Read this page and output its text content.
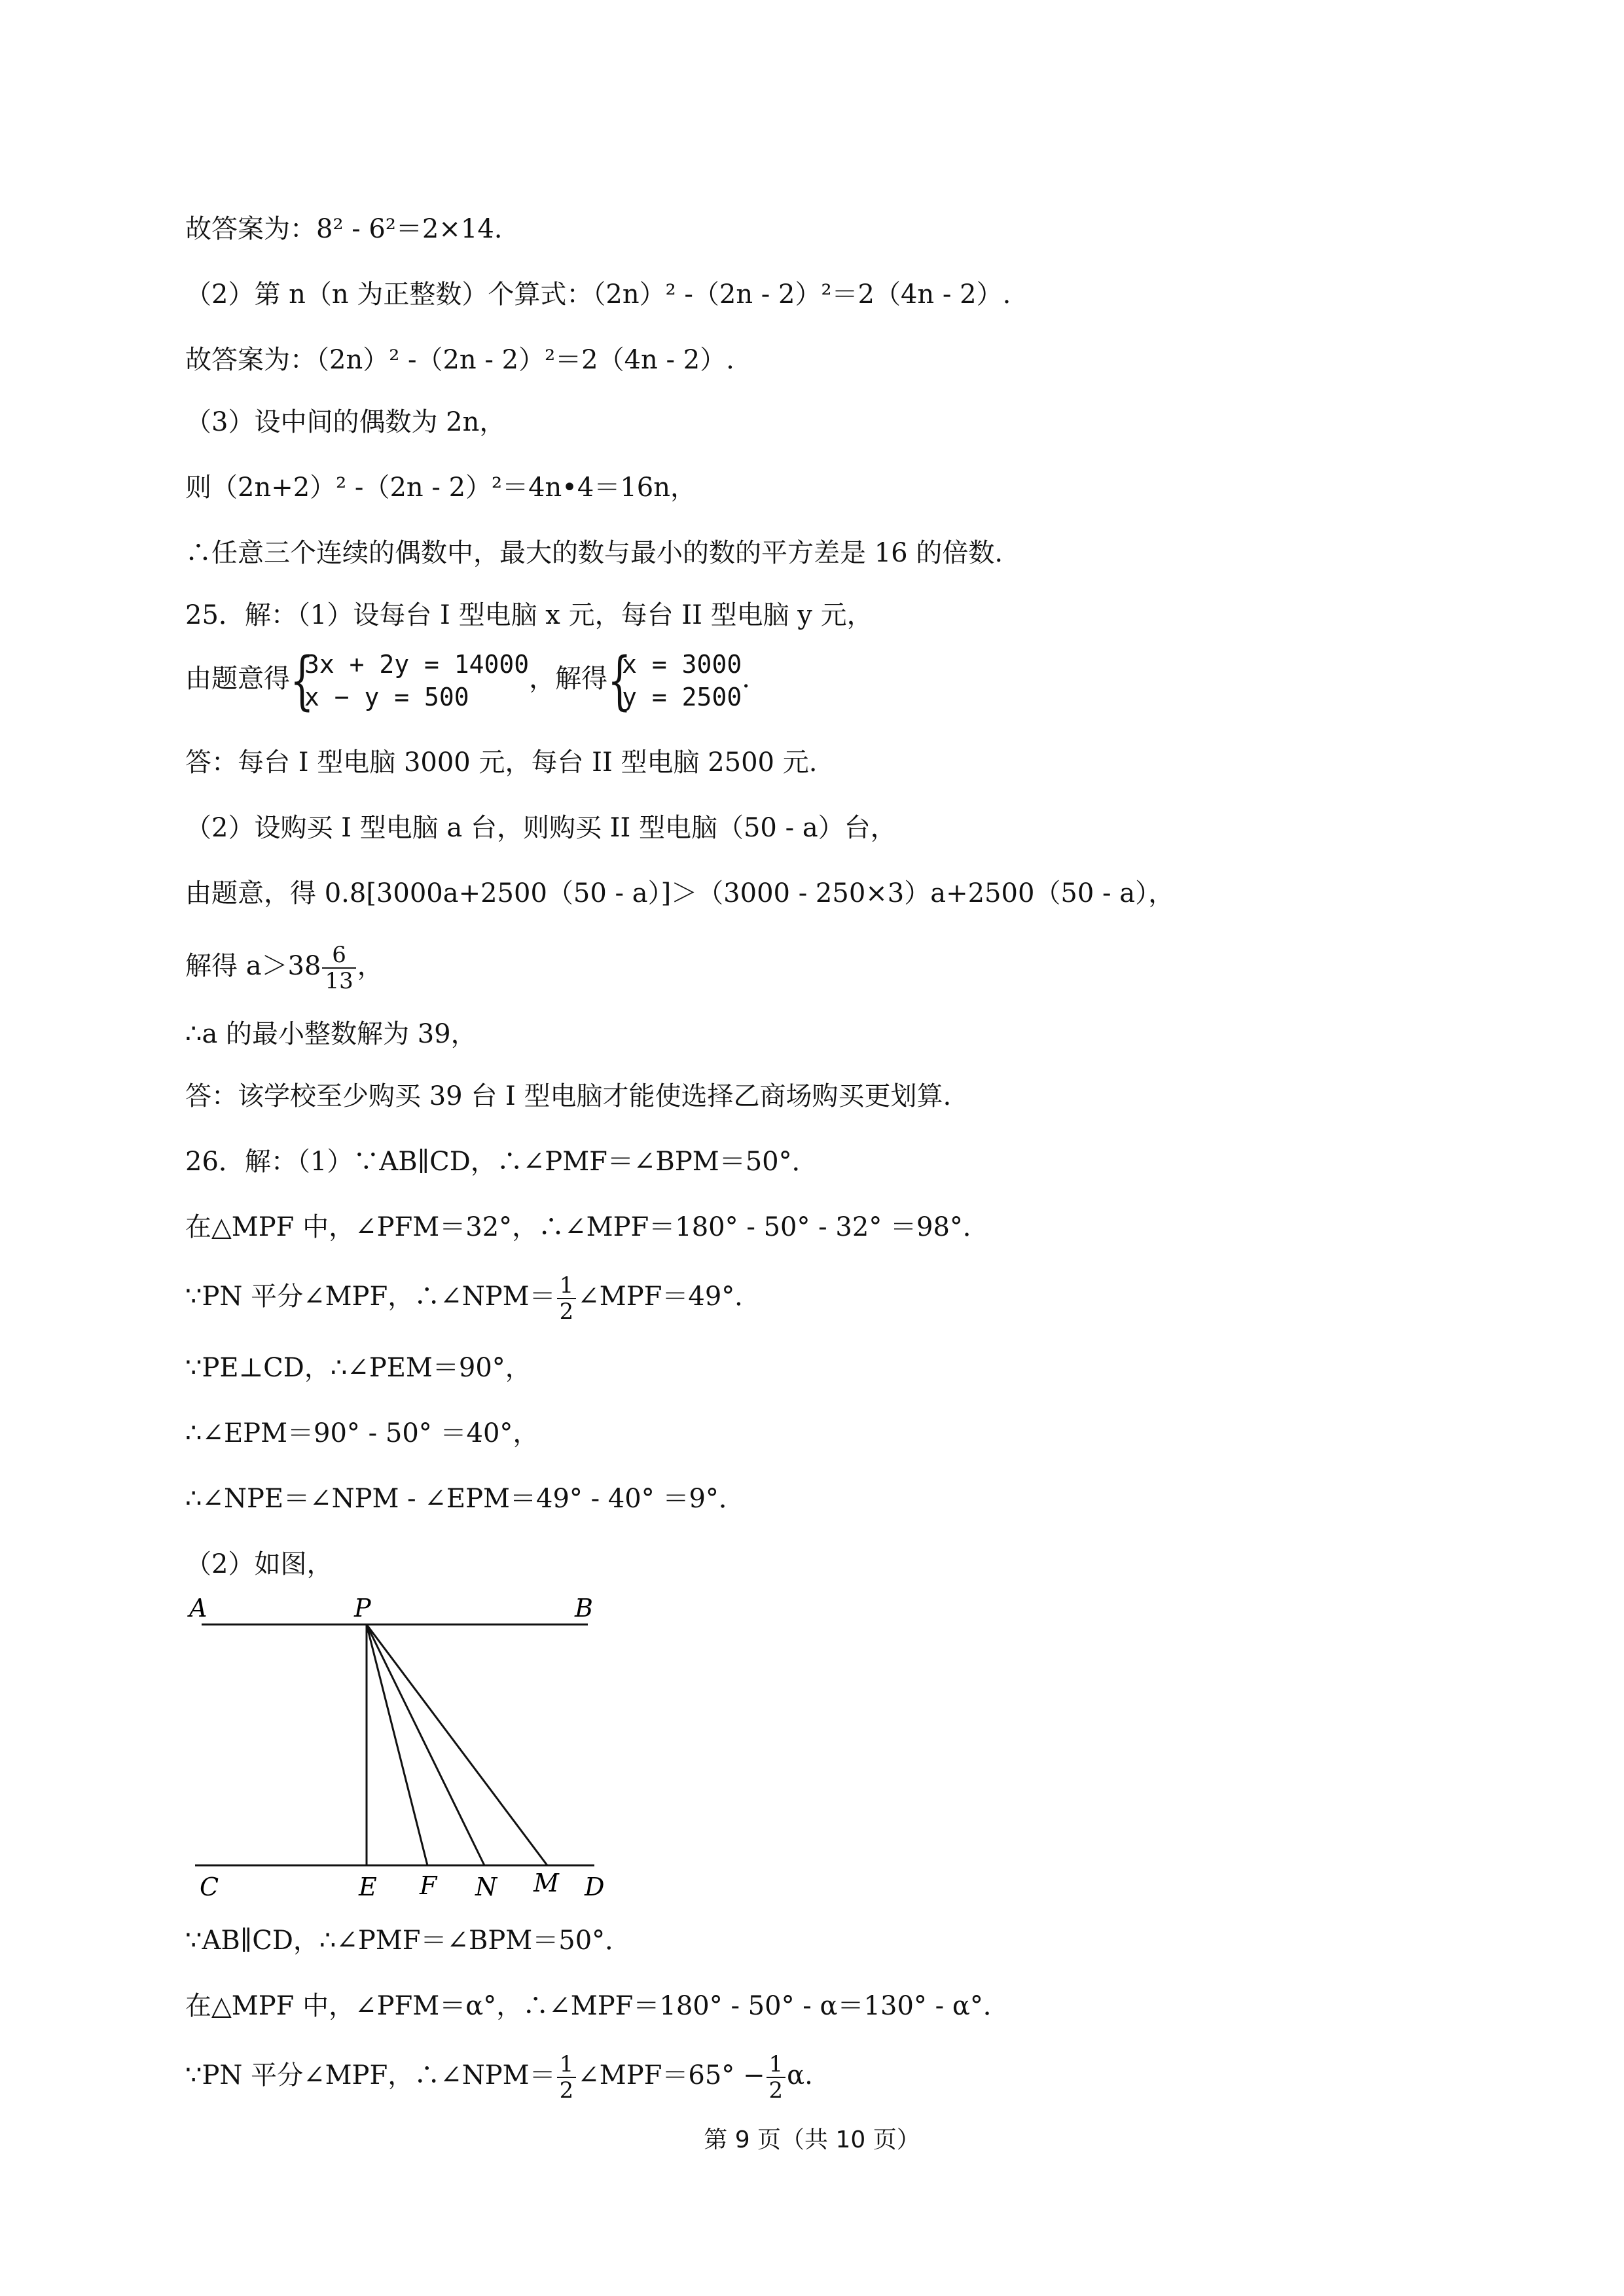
故答案为：8² - 6²＝2×14.
（2）第 n（n 为正整数）个算式：（2n）² -（2n - 2）²＝2（4n - 2）.
故答案为：（2n）² -（2n - 2）²＝2（4n - 2）.
（3）设中间的偶数为 2n，
则（2n+2）² -（2n - 2）²＝4n•4＝16n，
∴任意三个连续的偶数中，最大的数与最小的数的平方差是 16 的倍数.
25．解：（1）设每台 I 型电脑 x 元，每台 II 型电脑 y 元，
由题意得 {
3x + 2y = 14000
x − y = 500
，解得 {
x = 3000
y = 2500
.
答：每台 I 型电脑 3000 元，每台 II 型电脑 2500 元.
（2）设购买 I 型电脑 a 台，则购买 II 型电脑（50 - a）台，
由题意，得 0.8[3000a+2500（50 - a）]＞（3000 - 250×3）a+2500（50 - a），
解得 $a>38 \frac{6}{13}$ ，
∴a 的最小整数解为 39，
答：该学校至少购买 39 台 I 型电脑才能使选择乙商场购买更划算.
26．解：（1）∵AB∥CD，∴∠PMF＝∠BPM＝50°．
在△MPF 中，∠PFM＝32°，∴∠MPF＝180° - 50° - 32° ＝98°．
∵PN 平分∠MPF，∴∠NPM＝ $\frac{1}{2}$ ∠MPF＝49°．
∵PE⊥CD，∴∠PEM＝90°，
∴∠EPM＝90° - 50° ＝40°，
∴∠NPE＝∠NPM - ∠EPM＝49° - 40° ＝9°．
（2）如图，
A	P	B
C	E F N M D
∵AB∥CD，∴∠PMF＝∠BPM＝50°．
在△MPF 中，∠PFM＝α°，∴∠MPF＝180° - 50° - α＝130° - α°．
∵PN 平分∠MPF，∴∠NPM＝ $\frac{1}{2}$ ∠MPF＝65° − $\frac{1}{2} \alpha$.
第 9 页（共 10 页）
